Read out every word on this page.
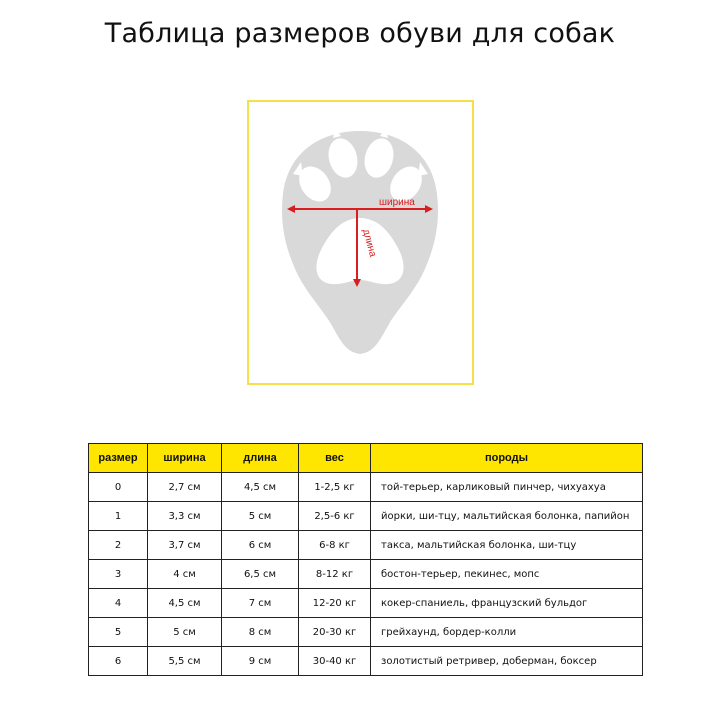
Таблица размеров обуви для собак
ширина
длина
размер	ширина	длина	вес	породы
0	2,7 см	4,5 см	1-2,5 кг	той-терьер, карликовый пинчер, чихуахуа
1	3,3 см	5 см	2,5-6 кг	йорки, ши-тцу, мальтийская болонка, папийон
2	3,7 см	6 см	6-8 кг	такса, мальтийская болонка, ши-тцу
3	4 см	6,5 см	8-12 кг	бостон-терьер, пекинес, мопс
4	4,5 см	7 см	12-20 кг	кокер-спаниель, французский бульдог
5	5 см	8 см	20-30 кг	грейхаунд, бордер-колли
6	5,5 см	9 см	30-40 кг	золотистый ретривер, доберман, боксер
